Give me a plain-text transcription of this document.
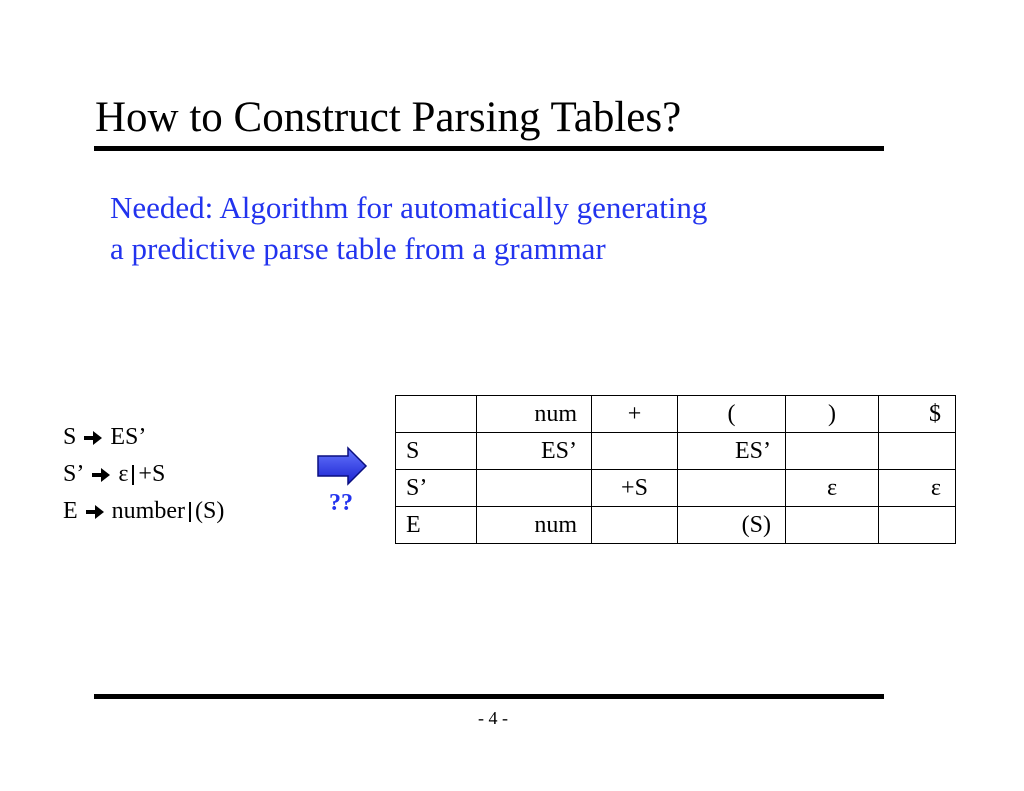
How to Construct Parsing Tables?
Needed: Algorithm for automatically generating
a predictive parse table from a grammar
S ES’
S’ ε +S
E number (S)	??
	num	+	(	)	$
S	ES’		ES’		
S’		+S		ε	ε
E	num		(S)		
- 4 -
